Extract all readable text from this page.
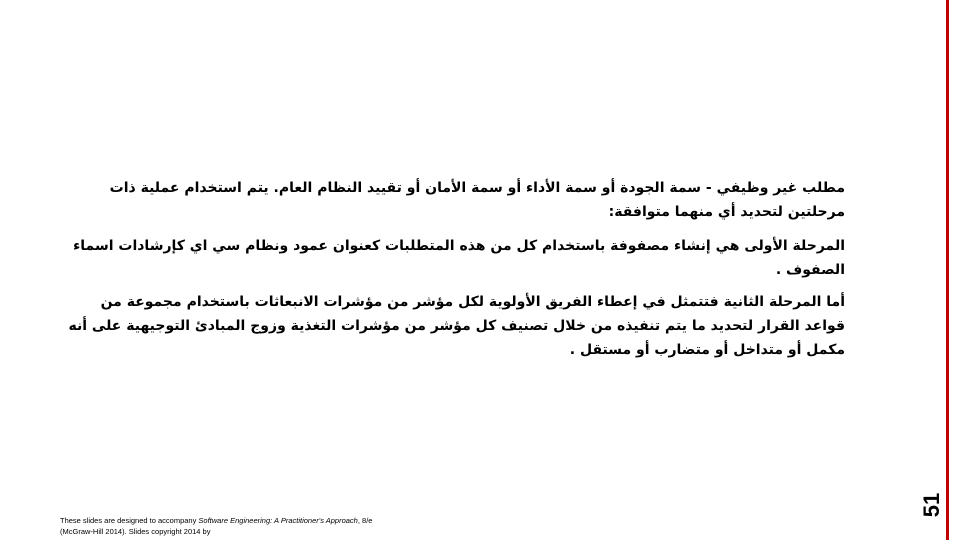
مطلب غير وظيفي - سمة الجودة أو سمة الأداء أو سمة الأمان أو تقييد النظام العام. يتم استخدام عملية ذات مرحلتين لتحديد أي منهما متوافقة:

المرحلة الأولى هي إنشاء مصفوفة باستخدام كل من هذه المتطلبات كعنوان عمود ونظام سي اي كإرشادات اسماء الصفوف .

أما المرحلة الثانية فتتمثل في إعطاء الفريق الأولوية لكل مؤشر من مؤشرات الانبعاثات باستخدام مجموعة من قواعد القرار لتحديد ما يتم تنفيذه من خلال تصنيف كل مؤشر من مؤشرات التغذية وزوج المبادئ التوجيهية على أنه مكمل أو متداخل أو متضارب أو مستقل .

These slides are designed to accompany Software Engineering: A Practitioner's Approach, 8/e (McGraw-Hill 2014). Slides copyright 2014 by
51
